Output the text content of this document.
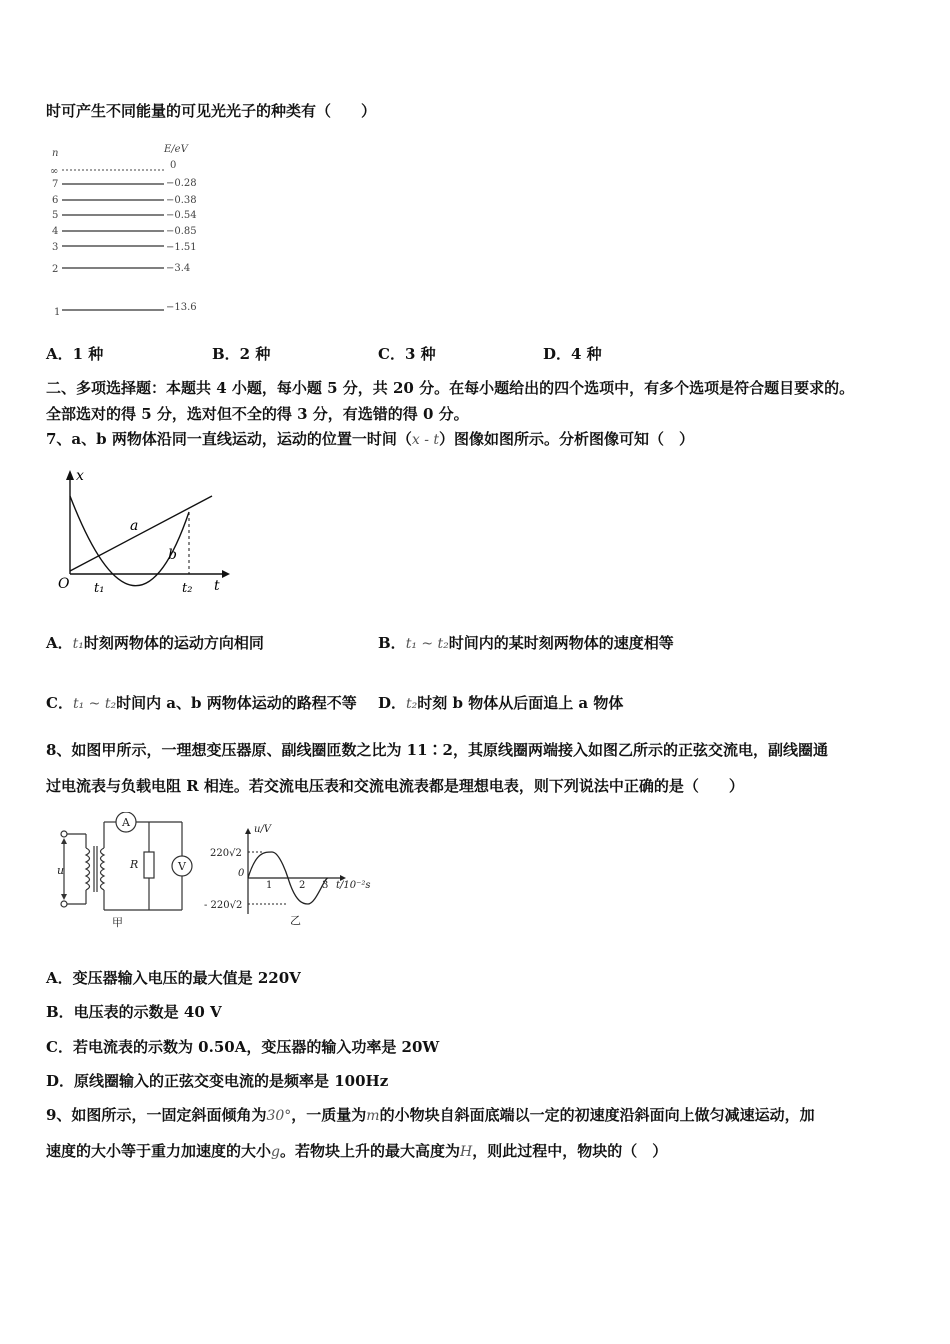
时可产生不同能量的可见光光子的种类有（　　）
n	E/eV
∞
0
7	−0.28
6	−0.38
5	−0.54
4	−0.85
3	−1.51
2	−3.4
1	−13.6
A．1 种	B．2 种	C．3 种	D．4 种
二、多项选择题：本题共 4 小题，每小题 5 分，共 20 分。在每小题给出的四个选项中，有多个选项是符合题目要求的。
全部选对的得 5 分，选对但不全的得 3 分，有选错的得 0 分。
7、a、b 两物体沿同一直线运动，运动的位置一时间（x - t）图像如图所示。分析图像可知（　）
x
t
O
a
b
t₁	t₂
A．t₁时刻两物体的运动方向相同	B．t₁ ~ t₂时间内的某时刻两物体的速度相等
C．t₁ ~ t₂时间内 a、b 两物体运动的路程不等 D．t₂时刻 b 物体从后面追上 a 物体
8、如图甲所示，一理想变压器原、副线圈匝数之比为 11∶2，其原线圈两端接入如图乙所示的正弦交流电，副线圈通
过电流表与负载电阻 R 相连。若交流电压表和交流电流表都是理想电表，则下列说法中正确的是（　　）
u
A
R	V
甲
u/V
220√2
0
- 220√2
1	2 3 t/10⁻²s
乙
A．变压器输入电压的最大值是 220V
B．电压表的示数是 40 V
C．若电流表的示数为 0.50A，变压器的输入功率是 20W
D．原线圈输入的正弦交变电流的是频率是 100Hz
9、如图所示，一固定斜面倾角为30°，一质量为m的小物块自斜面底端以一定的初速度沿斜面向上做匀减速运动，加
速度的大小等于重力加速度的大小g。若物块上升的最大高度为H，则此过程中，物块的（　）
